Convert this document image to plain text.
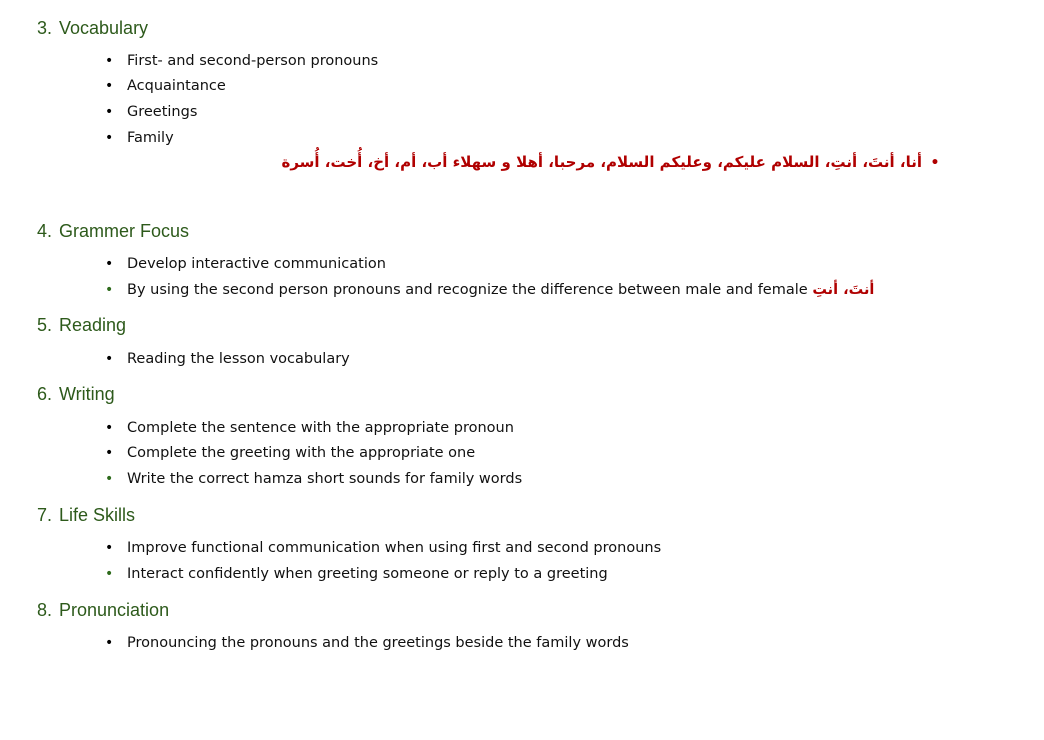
3. Vocabulary
• First- and second-person pronouns
• Acquaintance
• Greetings
• Family
•أنا، أنتَ، أنتِ، السلام عليكم، وعليكم السلام، مرحبا، أهلا و سهلاء أب، أم، أخ، أُخت، أُسرة
4. Grammer Focus
• Develop interactive communication
• By using the second person pronouns and recognize the difference between male and female أنتَ، أنتِ
5. Reading
• Reading the lesson vocabulary
6. Writing
• Complete the sentence with the appropriate pronoun
• Complete the greeting with the appropriate one
• Write the correct hamza short sounds for family words
7. Life Skills
• Improve functional communication when using first and second pronouns
• Interact confidently when greeting someone or reply to a greeting
8. Pronunciation
• Pronouncing the pronouns and the greetings beside the family words
